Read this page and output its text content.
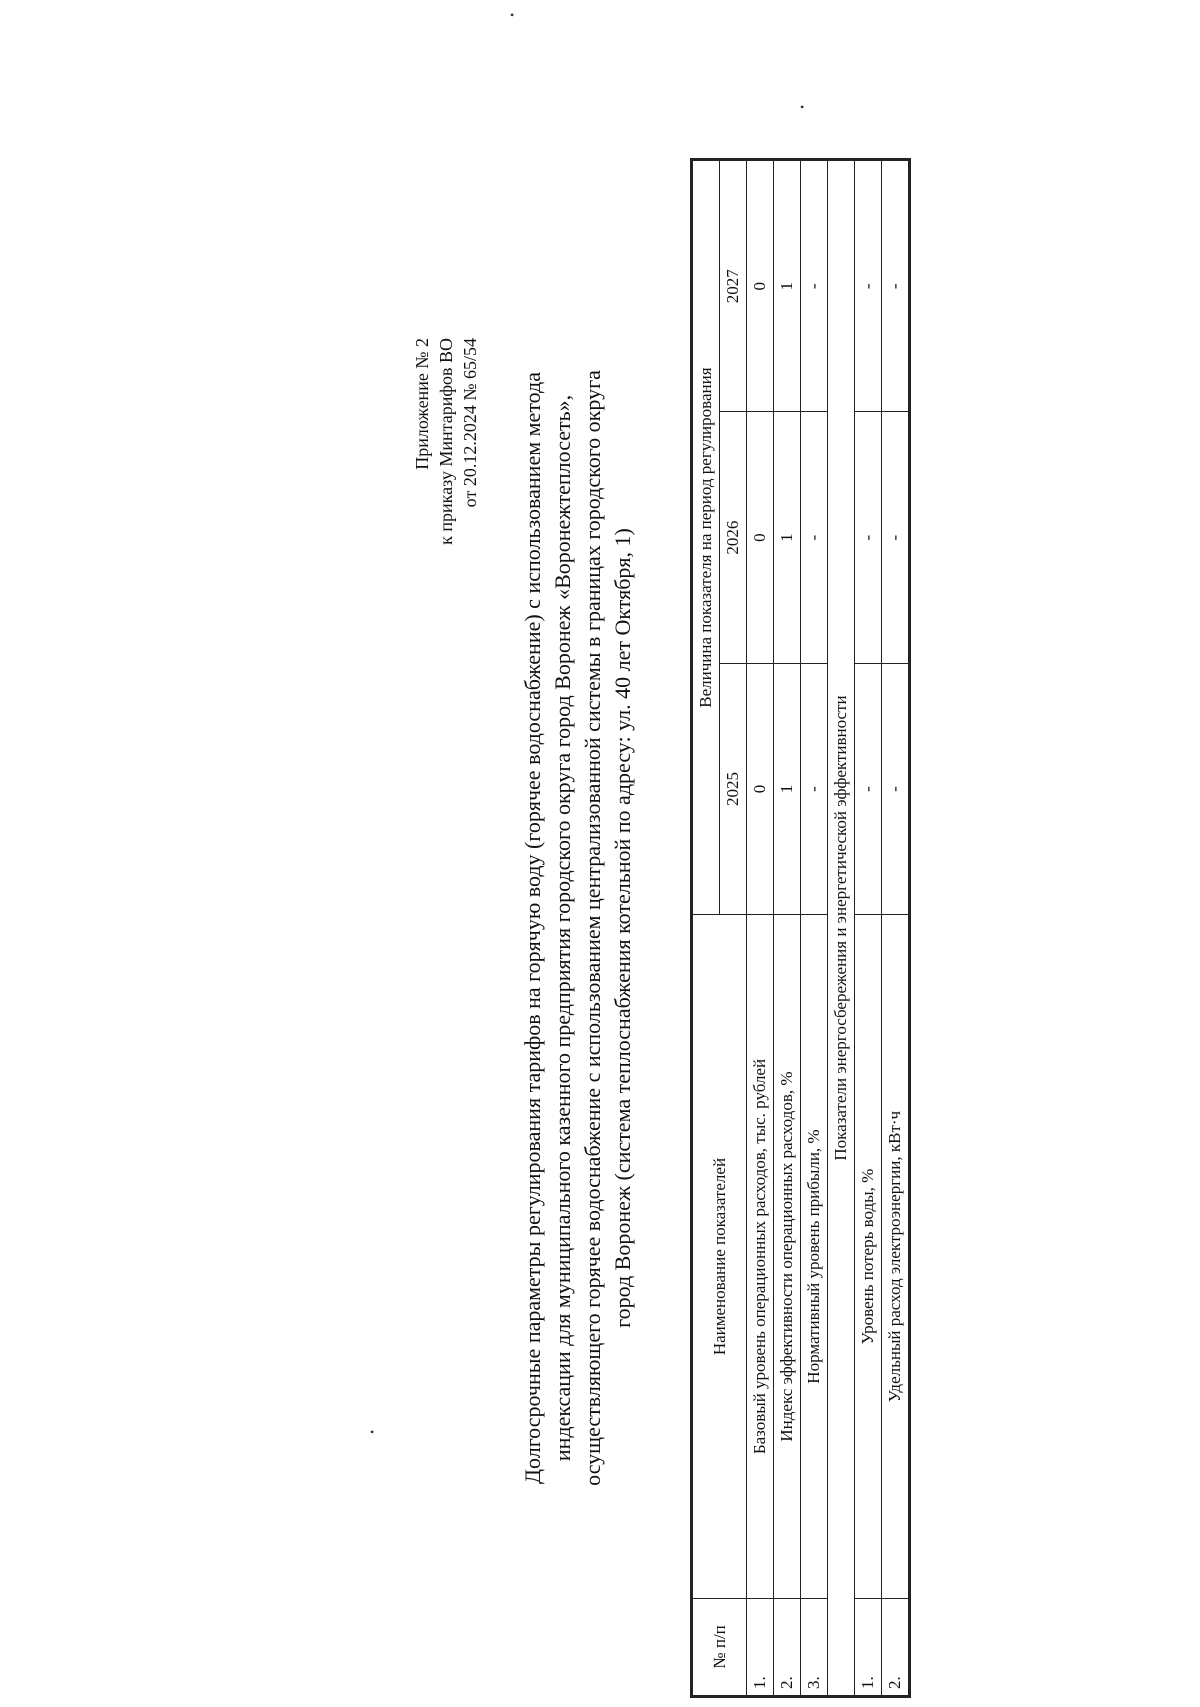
Приложение № 2 к приказу Минтарифов ВО от 20.12.2024 № 65/54 Долгосрочные параметры регулирования тарифов на горячую воду (горячее водоснабжение) с использованием метода индексации для муниципального казенного предприятия городского округа город Воронеж «Воронежтеплосеть», осуществляющего горячее водоснабжение с использованием централизованной системы в границах городского округа город Воронеж (система теплоснабжения котельной по адресу: ул. 40 лет Октября, 1)
№ п/п	Наименование показателей	Величина показателя на период регулирования		
		2025	2026	2027
1.	Базовый уровень операционных расходов, тыс. рублей	0	0	0
2.	Индекс эффективности операционных расходов, %	1	1	1
3.	Нормативный уровень прибыли, %	-	-	-
Показатели энергосбережения и энергетической эффективности				
1.	Уровень потерь воды, %	-	-	-
2.	Удельный расход электроэнергии, кВт·ч	-	-	-
•
•
•
